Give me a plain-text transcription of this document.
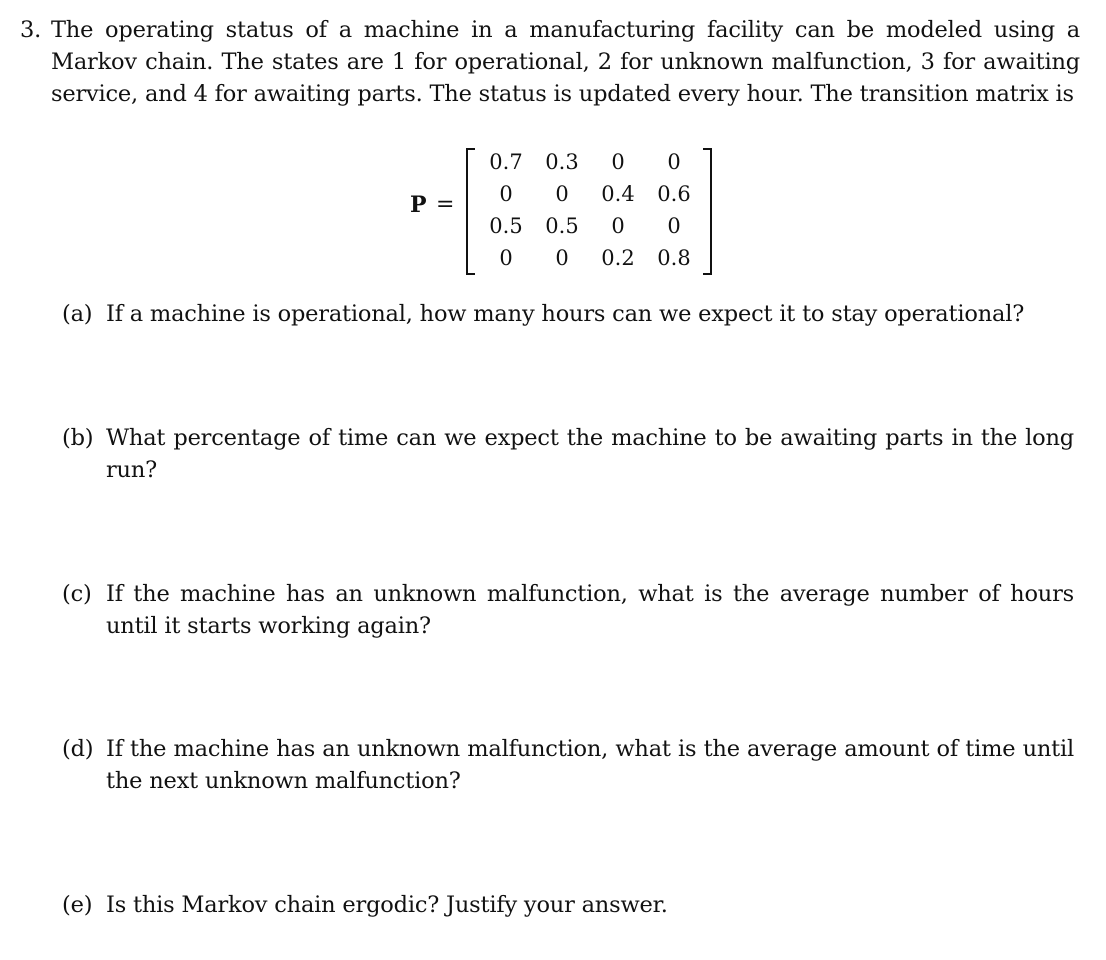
3. The operating status of a machine in a manufacturing facility can be modeled using a Markov chain. The states are 1 for operational, 2 for unknown malfunction, 3 for awaiting service, and 4 for awaiting parts. The status is updated every hour. The transition matrix is
P =
0.7	0.3	0	0
0	0	0.4	0.6
0.5	0.5	0	0
0	0	0.2	0.8
(a) If a machine is operational, how many hours can we expect it to stay operational?
(b) What percentage of time can we expect the machine to be awaiting parts in the long run?
(c) If the machine has an unknown malfunction, what is the average number of hours until it starts working again?
(d) If the machine has an unknown malfunction, what is the average amount of time until the next unknown malfunction?
(e) Is this Markov chain ergodic? Justify your answer.
